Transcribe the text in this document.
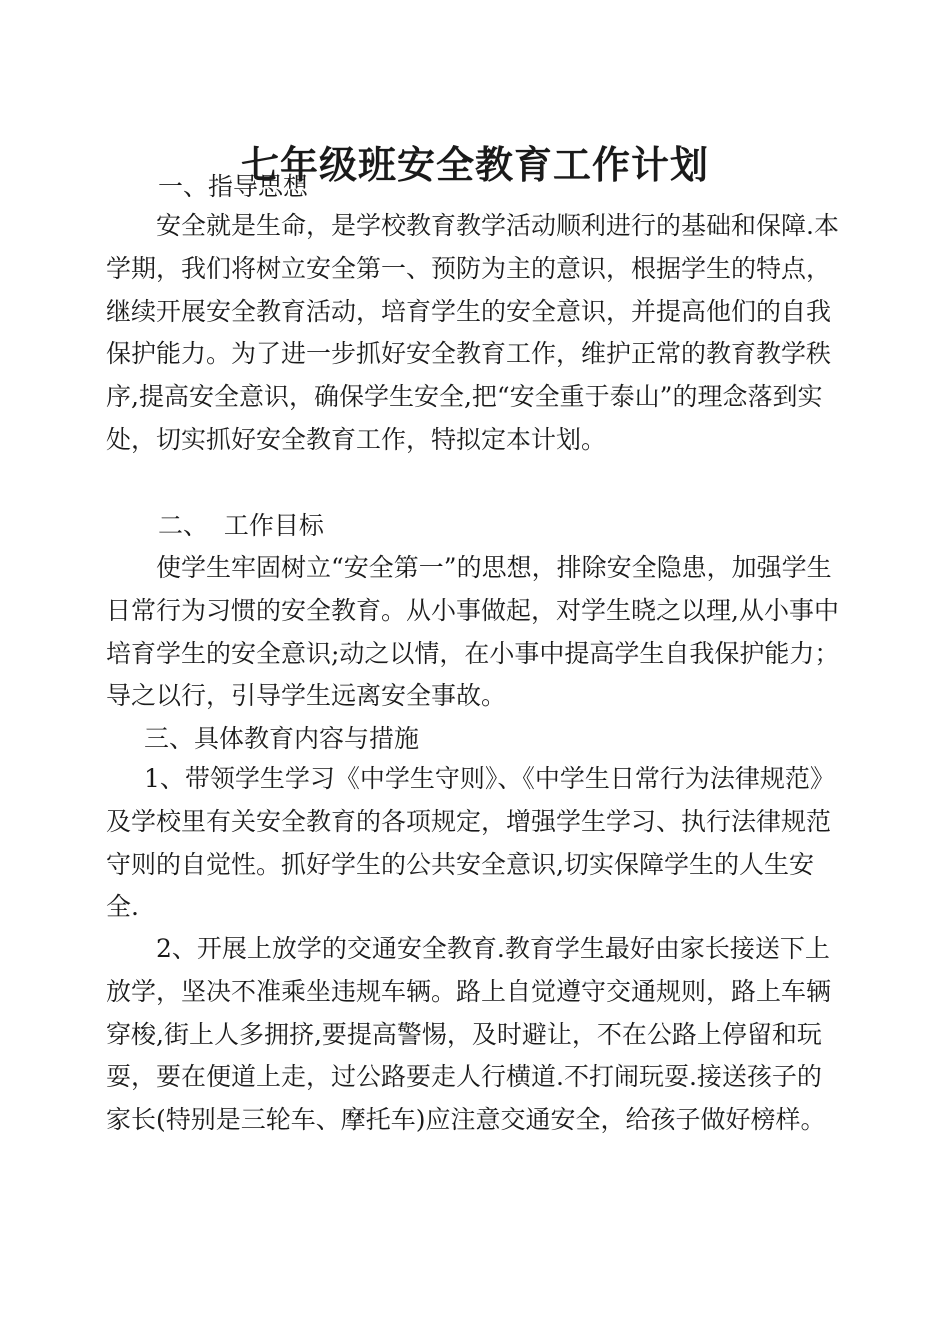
七年级班安全教育工作计划

一、指导思想

安全就是生命，是学校教育教学活动顺利进行的基础和保障.本学期，我们将树立安全第一、预防为主的意识，根据学生的特点，继续开展安全教育活动，培育学生的安全意识，并提高他们的自我保护能力。为了进一步抓好安全教育工作，维护正常的教育教学秩序,提高安全意识，确保学生安全,把“安全重于泰山”的理念落到实处，切实抓好安全教育工作，特拟定本计划。

二、  工作目标

使学生牢固树立“安全第一”的思想，排除安全隐患，加强学生日常行为习惯的安全教育。从小事做起，对学生晓之以理,从小事中培育学生的安全意识;动之以情，在小事中提高学生自我保护能力；导之以行，引导学生远离安全事故。

三、具体教育内容与措施

1、带领学生学习《中学生守则》、《中学生日常行为法律规范》及学校里有关安全教育的各项规定，增强学生学习、执行法律规范守则的自觉性。抓好学生的公共安全意识,切实保障学生的人生安全.

2、开展上放学的交通安全教育.教育学生最好由家长接送下上放学，坚决不准乘坐违规车辆。路上自觉遵守交通规则，路上车辆穿梭,街上人多拥挤,要提高警惕，及时避让，不在公路上停留和玩耍，要在便道上走，过公路要走人行横道.不打闹玩耍.接送孩子的家长(特别是三轮车、摩托车)应注意交通安全，给孩子做好榜样。
